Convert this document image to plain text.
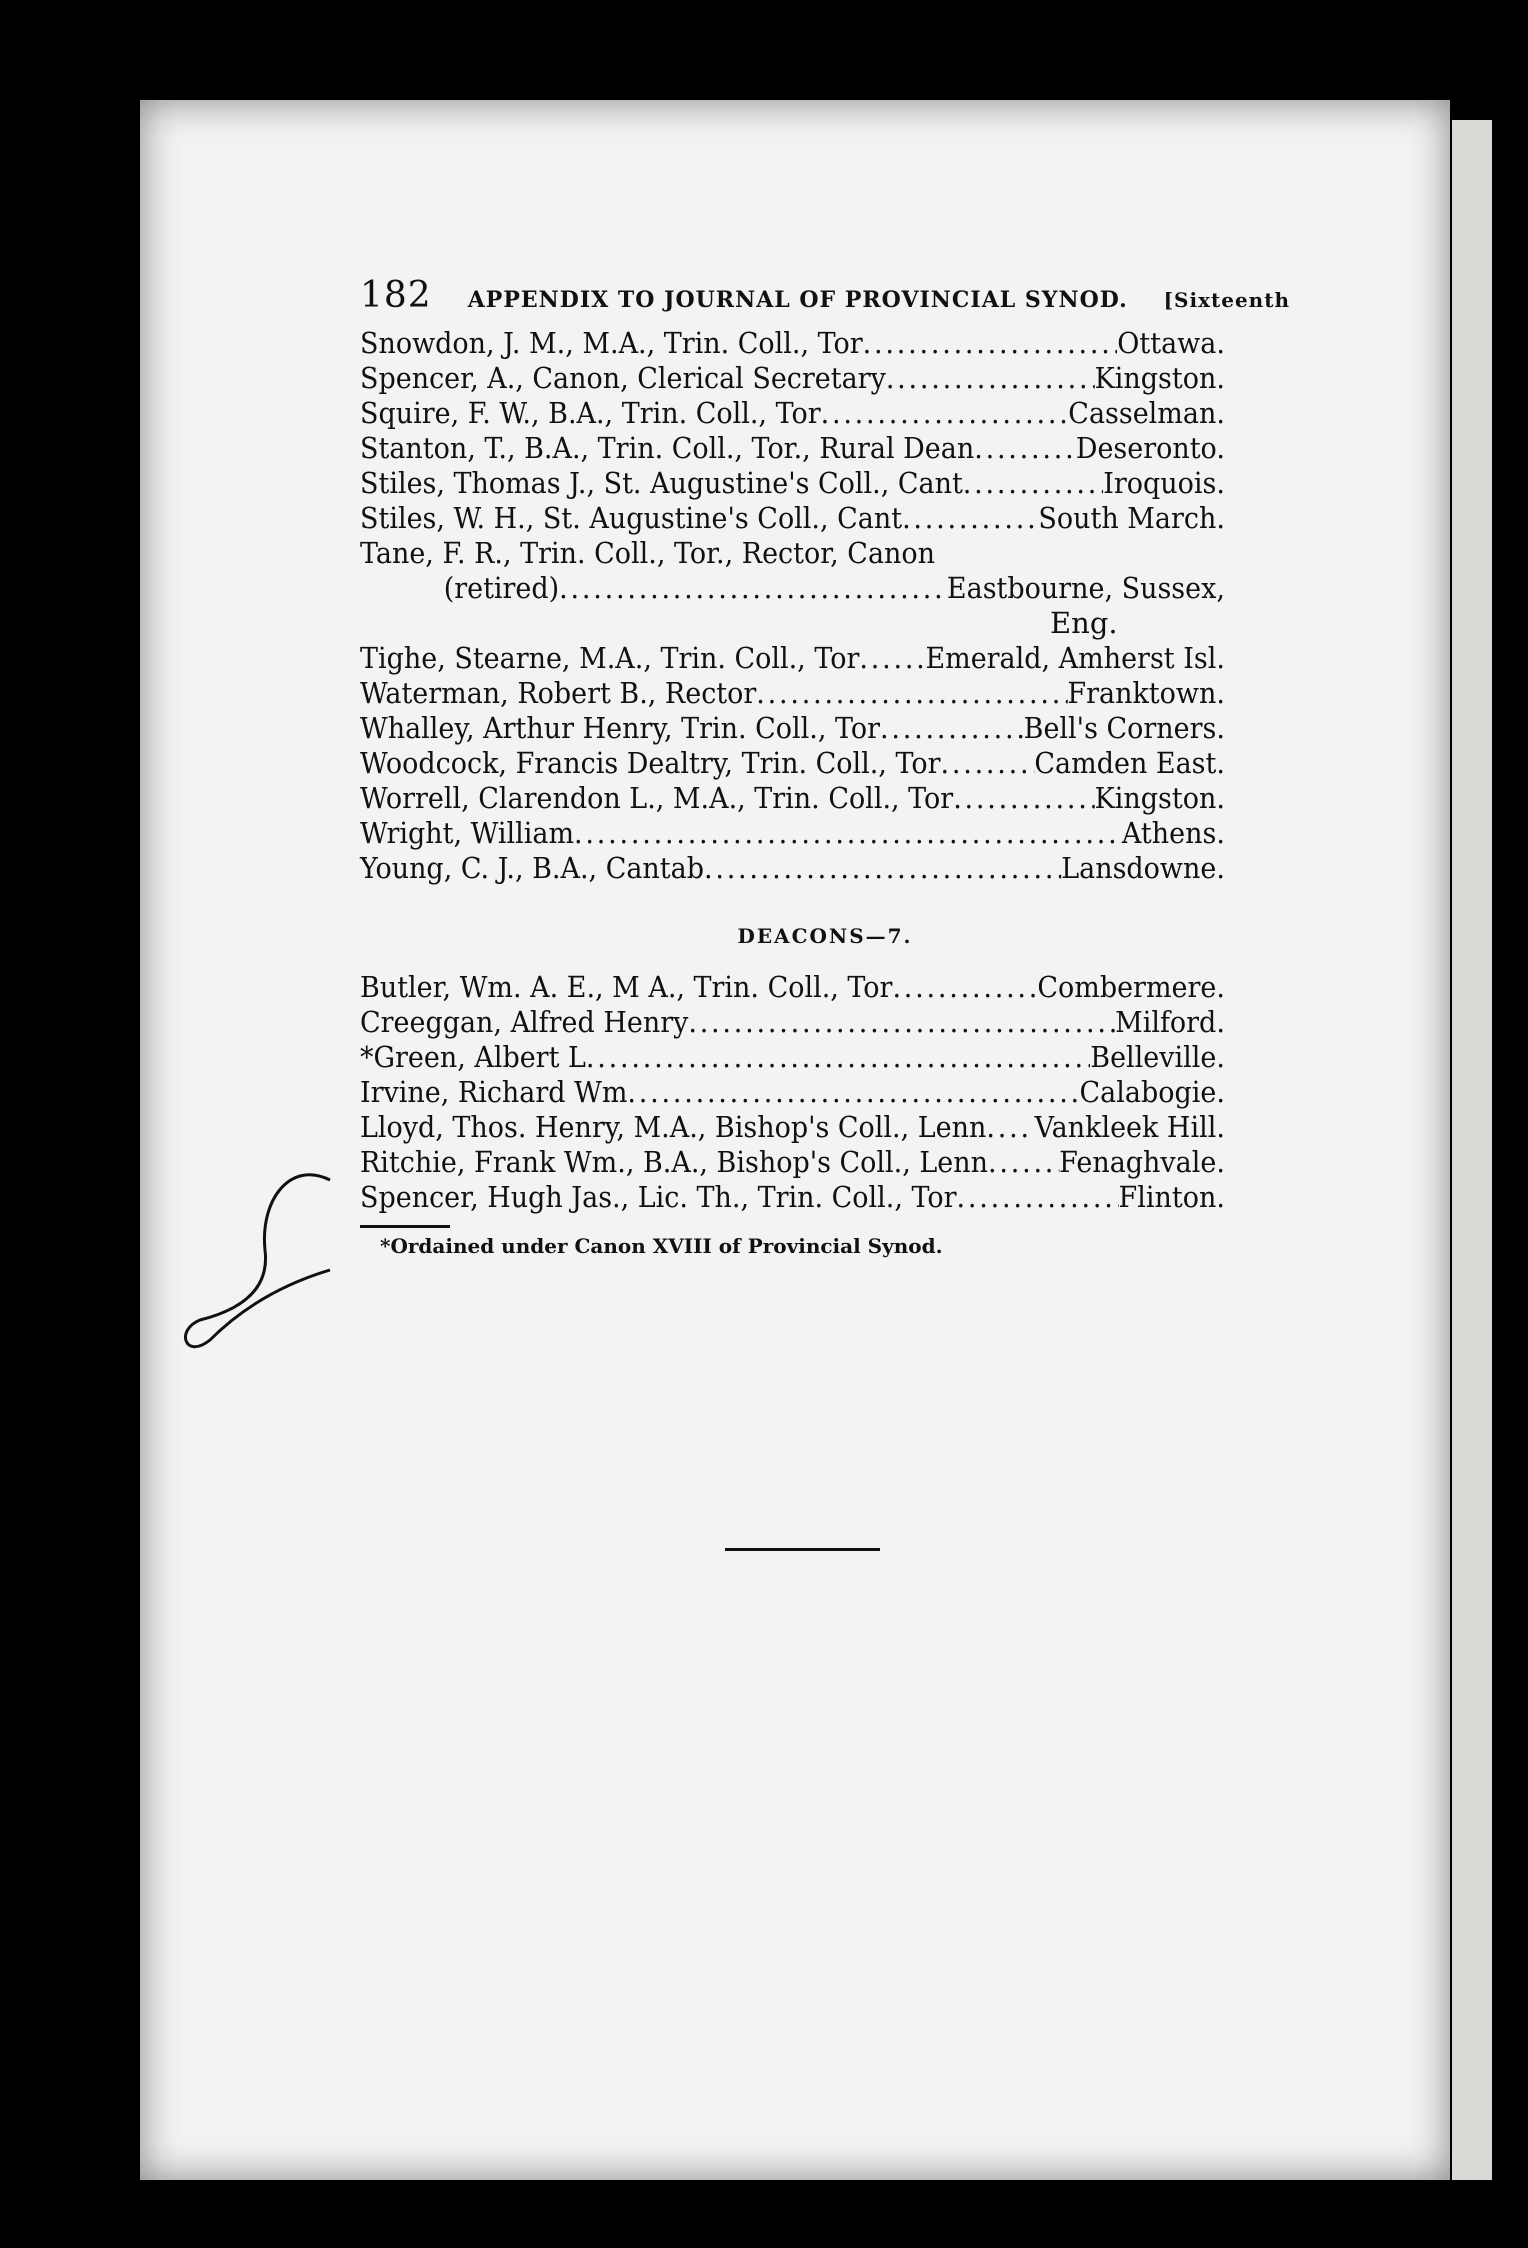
182 APPENDIX TO JOURNAL OF PROVINCIAL SYNOD.	[Sixteenth
Snowdon, J. M., M.A., Trin. Coll., Tor .....	Ottawa.
Spencer, A., Canon, Clerical Secretary .....	Kingston.
Squire, F. W., B.A., Trin. Coll., Tor .....	Casselman.
Stanton, T., B.A., Trin. Coll., Tor., Rural Dean .....	Deseronto.
Stiles, Thomas J., St. Augustine's Coll., Cant .....	Iroquois.
Stiles, W. H., St. Augustine's Coll., Cant .....	South March.
Tane, F. R., Trin. Coll., Tor., Rector, Canon
(retired) .....	Eastbourne, Sussex,
Eng.
Tighe, Stearne, M.A., Trin. Coll., Tor ..... Emerald, Amherst Isl.
Waterman, Robert B., Rector .....	Franktown.
Whalley, Arthur Henry, Trin. Coll., Tor .....	Bell's Corners.
Woodcock, Francis Dealtry, Trin. Coll., Tor .....	Camden East.
Worrell, Clarendon L., M.A., Trin. Coll., Tor .....	Kingston.
Wright, William .....	Athens.
Young, C. J., B.A., Cantab .....	Lansdowne.
DEACONS—7.
Butler, Wm. A. E., M A., Trin. Coll., Tor .....	Combermere.
Creeggan, Alfred Henry .....	Milford.
*Green, Albert L .....	Belleville.
Irvine, Richard Wm .....	Calabogie.
Lloyd, Thos. Henry, M.A., Bishop's Coll., Lenn ..... Vankleek Hill.
Ritchie, Frank Wm., B.A., Bishop's Coll., Lenn ..... Fenaghvale.
Spencer, Hugh Jas., Lic. Th., Trin. Coll., Tor .....	Flinton.
*Ordained under Canon XVIII of Provincial Synod.
